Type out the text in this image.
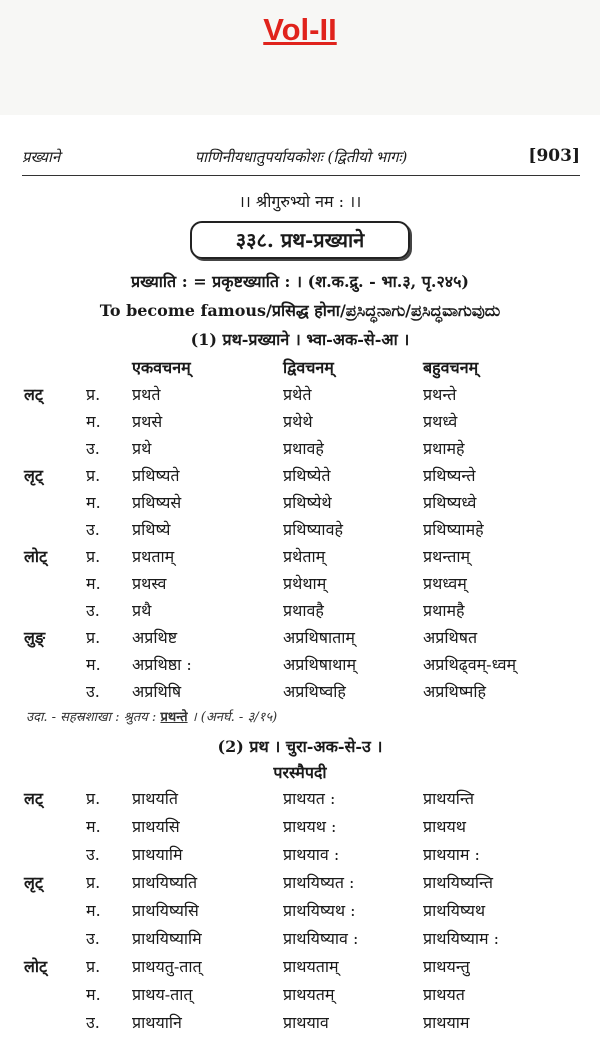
Vol-II
पाणिनीयधातुपर्यायकोशः (द्वितीयो भागः)
प्रख्याने	[903]
।। श्रीगुरुभ्यो नम : ।।
३३८. प्रथ-प्रख्याने
प्रख्याति : = प्रकृष्टख्याति : । (श.क.द्रु. - भा.३, पृ.२४५)
To become famous/प्रसिद्ध होना/ಪ್ರಸಿದ್ಧನಾಗು/ಪ್ರಸಿದ್ಧವಾಗುವುದು
(1) प्रथ-प्रख्याने । भ्वा-अक-से-आ ।
एकवचनम्	द्विवचनम्	बहुवचनम्
लट्	प्र. प्रथते	प्रथेते	प्रथन्ते
म. प्रथसे	प्रथेथे	प्रथध्वे
उ. प्रथे	प्रथावहे	प्रथामहे
लृट्	प्र. प्रथिष्यते	प्रथिष्येते	प्रथिष्यन्ते
म. प्रथिष्यसे	प्रथिष्येथे	प्रथिष्यध्वे
उ. प्रथिष्ये	प्रथिष्यावहे	प्रथिष्यामहे
लोट् प्र. प्रथताम्	प्रथेताम्	प्रथन्ताम्
म. प्रथस्व	प्रथेथाम्	प्रथध्वम्
उ. प्रथै	प्रथावहै	प्रथामहै
लुङ्	प्र. अप्रथिष्ट	अप्रथिषाताम्	अप्रथिषत
म. अप्रथिष्ठा :	अप्रथिषाथाम्	अप्रथिढ्वम्-ध्वम्
उ. अप्रथिषि	अप्रथिष्वहि	अप्रथिष्महि
उदा. - सहस्रशाखा : श्रुतय : प्रथन्ते । (अनर्घ. - ३/१५)
(2) प्रथ । चुरा-अक-से-उ ।
परस्मैपदी
लट्	प्र. प्राथयति	प्राथयत :	प्राथयन्ति
म. प्राथयसि	प्राथयथ :	प्राथयथ
उ. प्राथयामि	प्राथयाव :	प्राथयाम :
लृट्	प्र. प्राथयिष्यति	प्राथयिष्यत :	प्राथयिष्यन्ति
म. प्राथयिष्यसि	प्राथयिष्यथ :	प्राथयिष्यथ
उ. प्राथयिष्यामि	प्राथयिष्याव :	प्राथयिष्याम :
लोट् प्र. प्राथयतु-तात्	प्राथयताम्	प्राथयन्तु
म. प्राथय-तात्	प्राथयतम्	प्राथयत
उ. प्राथयानि	प्राथयाव	प्राथयाम
